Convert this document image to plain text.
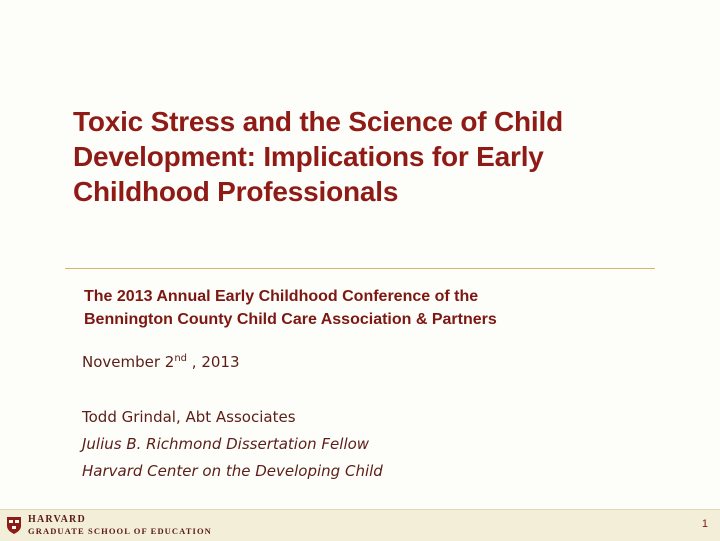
Toxic Stress and the Science of Child
Development: Implications for Early
Childhood Professionals
The 2013 Annual Early Childhood Conference of the
Bennington County Child Care Association & Partners

November 2nd , 2013

Todd Grindal, Abt Associates

Julius B. Richmond Dissertation Fellow

Harvard Center on the Developing Child

HARVARD
GRADUATE SCHOOL OF EDUCATION
1
